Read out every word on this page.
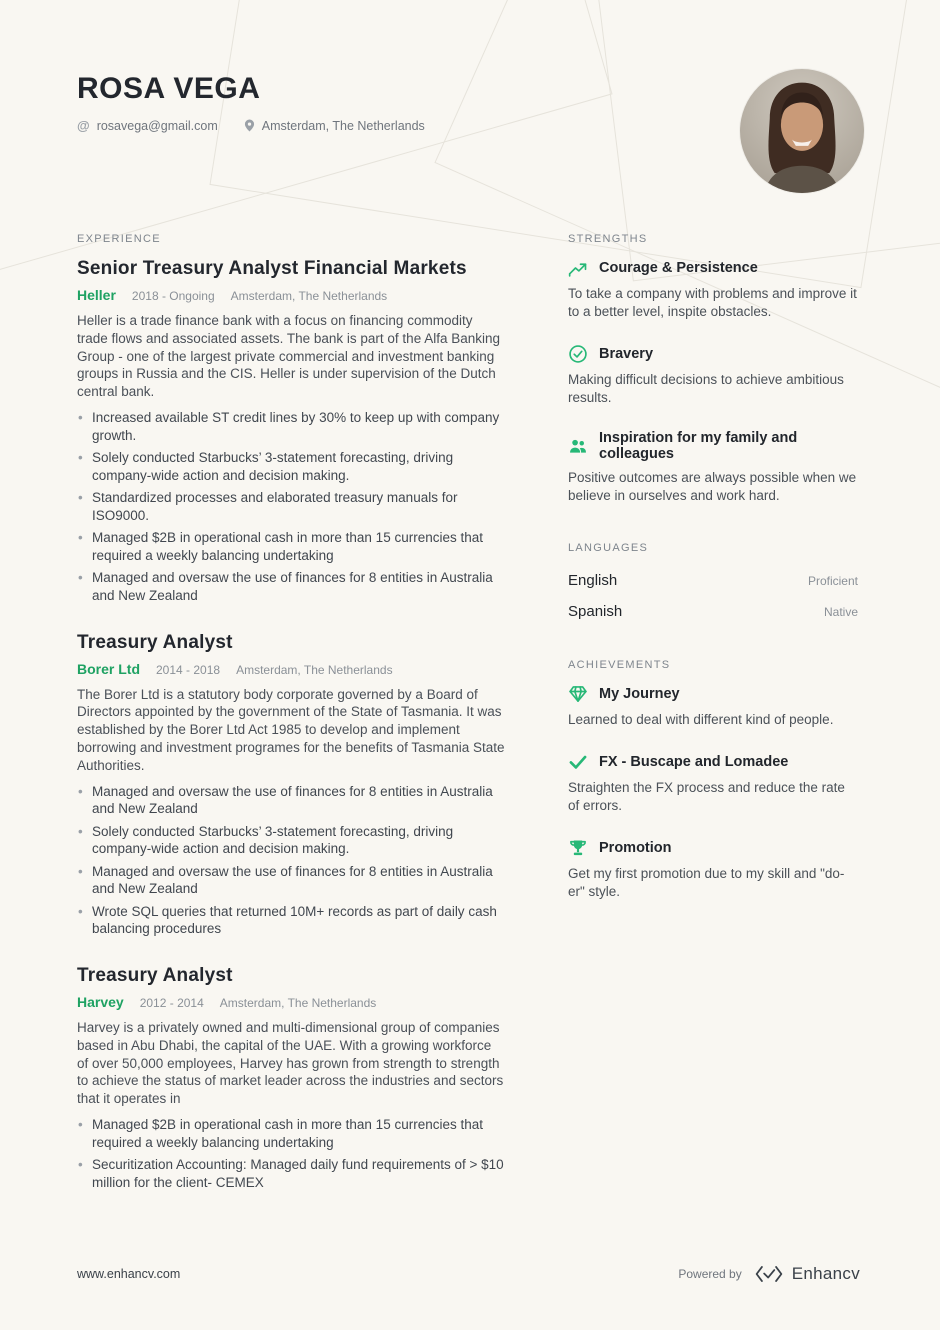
ROSA VEGA
@ rosavega@gmail.com	Amsterdam, The Netherlands
EXPERIENCE
Senior Treasury Analyst Financial Markets
Heller 2018 - Ongoing Amsterdam, The Netherlands
Heller is a trade finance bank with a focus on financing commodity trade flows and associated assets. The bank is part of the Alfa Banking Group - one of the largest private commercial and investment banking groups in Russia and the CIS. Heller is under supervision of the Dutch central bank.
• Increased available ST credit lines by 30% to keep up with company growth.
• Solely conducted Starbucks’ 3-statement forecasting, driving company-wide action and decision making.
• Standardized processes and elaborated treasury manuals for ISO9000.
• Managed $2B in operational cash in more than 15 currencies that required a weekly balancing undertaking
• Managed and oversaw the use of finances for 8 entities in Australia and New Zealand
Treasury Analyst
Borer Ltd 2014 - 2018 Amsterdam, The Netherlands
The Borer Ltd is a statutory body corporate governed by a Board of Directors appointed by the government of the State of Tasmania. It was established by the Borer Ltd Act 1985 to develop and implement borrowing and investment programes for the benefits of Tasmania State Authorities.
• Managed and oversaw the use of finances for 8 entities in Australia and New Zealand
• Solely conducted Starbucks’ 3-statement forecasting, driving company-wide action and decision making.
• Managed and oversaw the use of finances for 8 entities in Australia and New Zealand
• Wrote SQL queries that returned 10M+ records as part of daily cash balancing procedures
Treasury Analyst
Harvey 2012 - 2014 Amsterdam, The Netherlands
Harvey is a privately owned and multi-dimensional group of companies based in Abu Dhabi, the capital of the UAE. With a growing workforce of over 50,000 employees, Harvey has grown from strength to strength to achieve the status of market leader across the industries and sectors that it operates in
• Managed $2B in operational cash in more than 15 currencies that required a weekly balancing undertaking
• Securitization Accounting: Managed daily fund requirements of > $10 million for the client- CEMEX
STRENGTHS
Courage & Persistence
To take a company with problems and improve it to a better level, inspite obstacles.
Bravery
Making difficult decisions to achieve ambitious results.
Inspiration for my family and colleagues
Positive outcomes are always possible when we believe in ourselves and work hard.
LANGUAGES
English	Proficient
Spanish	Native
ACHIEVEMENTS
My Journey
Learned to deal with different kind of people.
FX - Buscape and Lomadee
Straighten the FX process and reduce the rate of errors.
Promotion
Get my first promotion due to my skill and "do-er" style.
www.enhancv.com	Powered by	Enhancv
